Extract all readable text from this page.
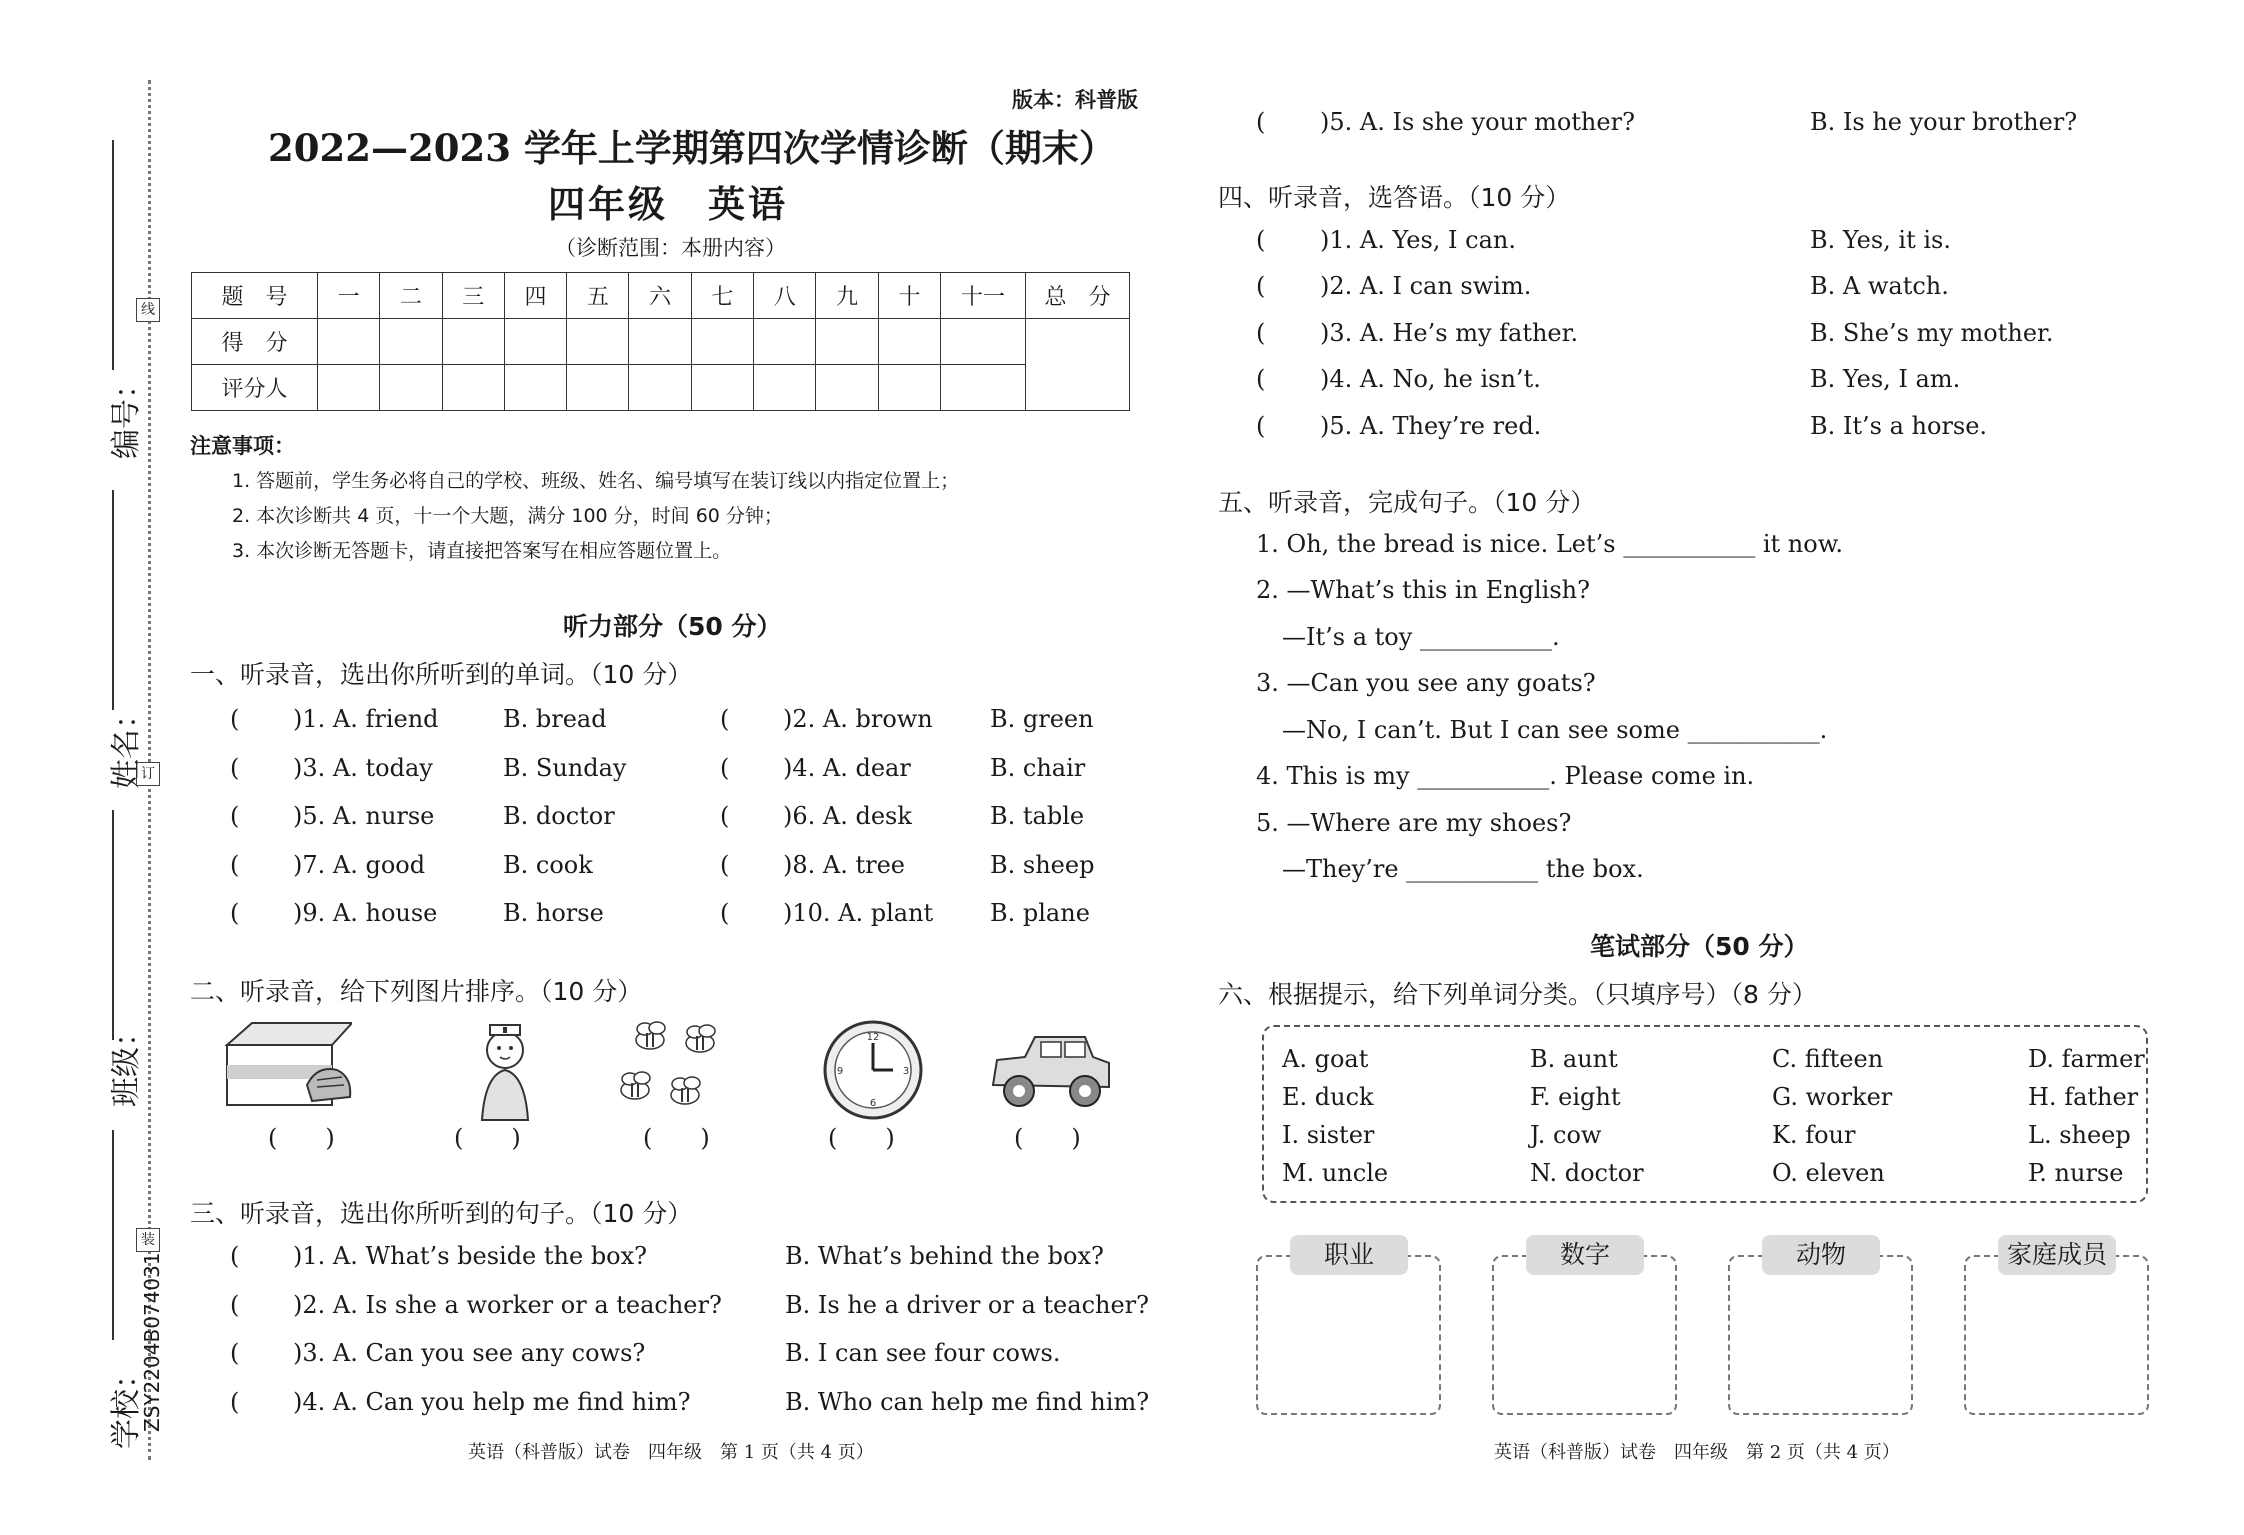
线
订
装
编号：
姓名：
班级：
学校：
ZSY2204B074031
版本：科普版
2022—2023 学年上学期第四次学情诊断（期末）
四年级　英语
（诊断范围：本册内容）
题　号	一	二	三	四	五	六	七	八	九	十	十一	总　分
得　分												
评分人												
注意事项：
1. 答题前，学生务必将自己的学校、班级、姓名、编号填写在装订线以内指定位置上；
2. 本次诊断共 4 页，十一个大题，满分 100 分，时间 60 分钟；
3. 本次诊断无答题卡，请直接把答案写在相应答题位置上。
听力部分（50 分）
一、听录音，选出你所听到的单词。（10 分）
( )1. A. friend	B. bread	( )2. A. brown B. green
( )3. A. today	B. Sunday	( )4. A. dear	B. chair
( )5. A. nurse	B. doctor	( )6. A. desk	B. table
( )7. A. good	B. cook	( )8. A. tree	B. sheep
( )9. A. house	B. horse	( )10. A. plant B. plane
二、听录音，给下列图片排序。（10 分）
(　　)	(　　)	(　　)
12
3
6
9
(　　)	(　　)
三、听录音，选出你所听到的句子。（10 分）
( )1. A. What’s beside the box?	B. What’s behind the box?
( )2. A. Is she a worker or a teacher?	B. Is he a driver or a teacher?
( )3. A. Can you see any cows?	B. I can see four cows.
( )4. A. Can you help me find him?	B. Who can help me find him?
英语（科普版）试卷　四年级　第 1 页（共 4 页）
( )5. A. Is she your mother?	B. Is he your brother?
四、听录音，选答语。（10 分）
( )1. A. Yes, I can.	B. Yes, it is.
( )2. A. I can swim.	B. A watch.
( )3. A. He’s my father.	B. She’s my mother.
( )4. A. No, he isn’t.	B. Yes, I am.
( )5. A. They’re red.	B. It’s a horse.
五、听录音，完成句子。（10 分）
1. Oh, the bread is nice. Let’s ___________ it now.
2. —What’s this in English?
—It’s a toy ___________.
3. —Can you see any goats?
—No, I can’t. But I can see some ___________.
4. This is my ___________. Please come in.
5. —Where are my shoes?
—They’re ___________ the box.
笔试部分（50 分）
六、根据提示，给下列单词分类。（只填序号）（8 分）
A. goat	B. aunt	C. fifteen	D. farmer
E. duck	F. eight	G. worker	H. father
I. sister	J. cow	K. four	L. sheep
M. uncle	N. doctor	O. eleven	P. nurse
职业	数字	动物	家庭成员
英语（科普版）试卷　四年级　第 2 页（共 4 页）
